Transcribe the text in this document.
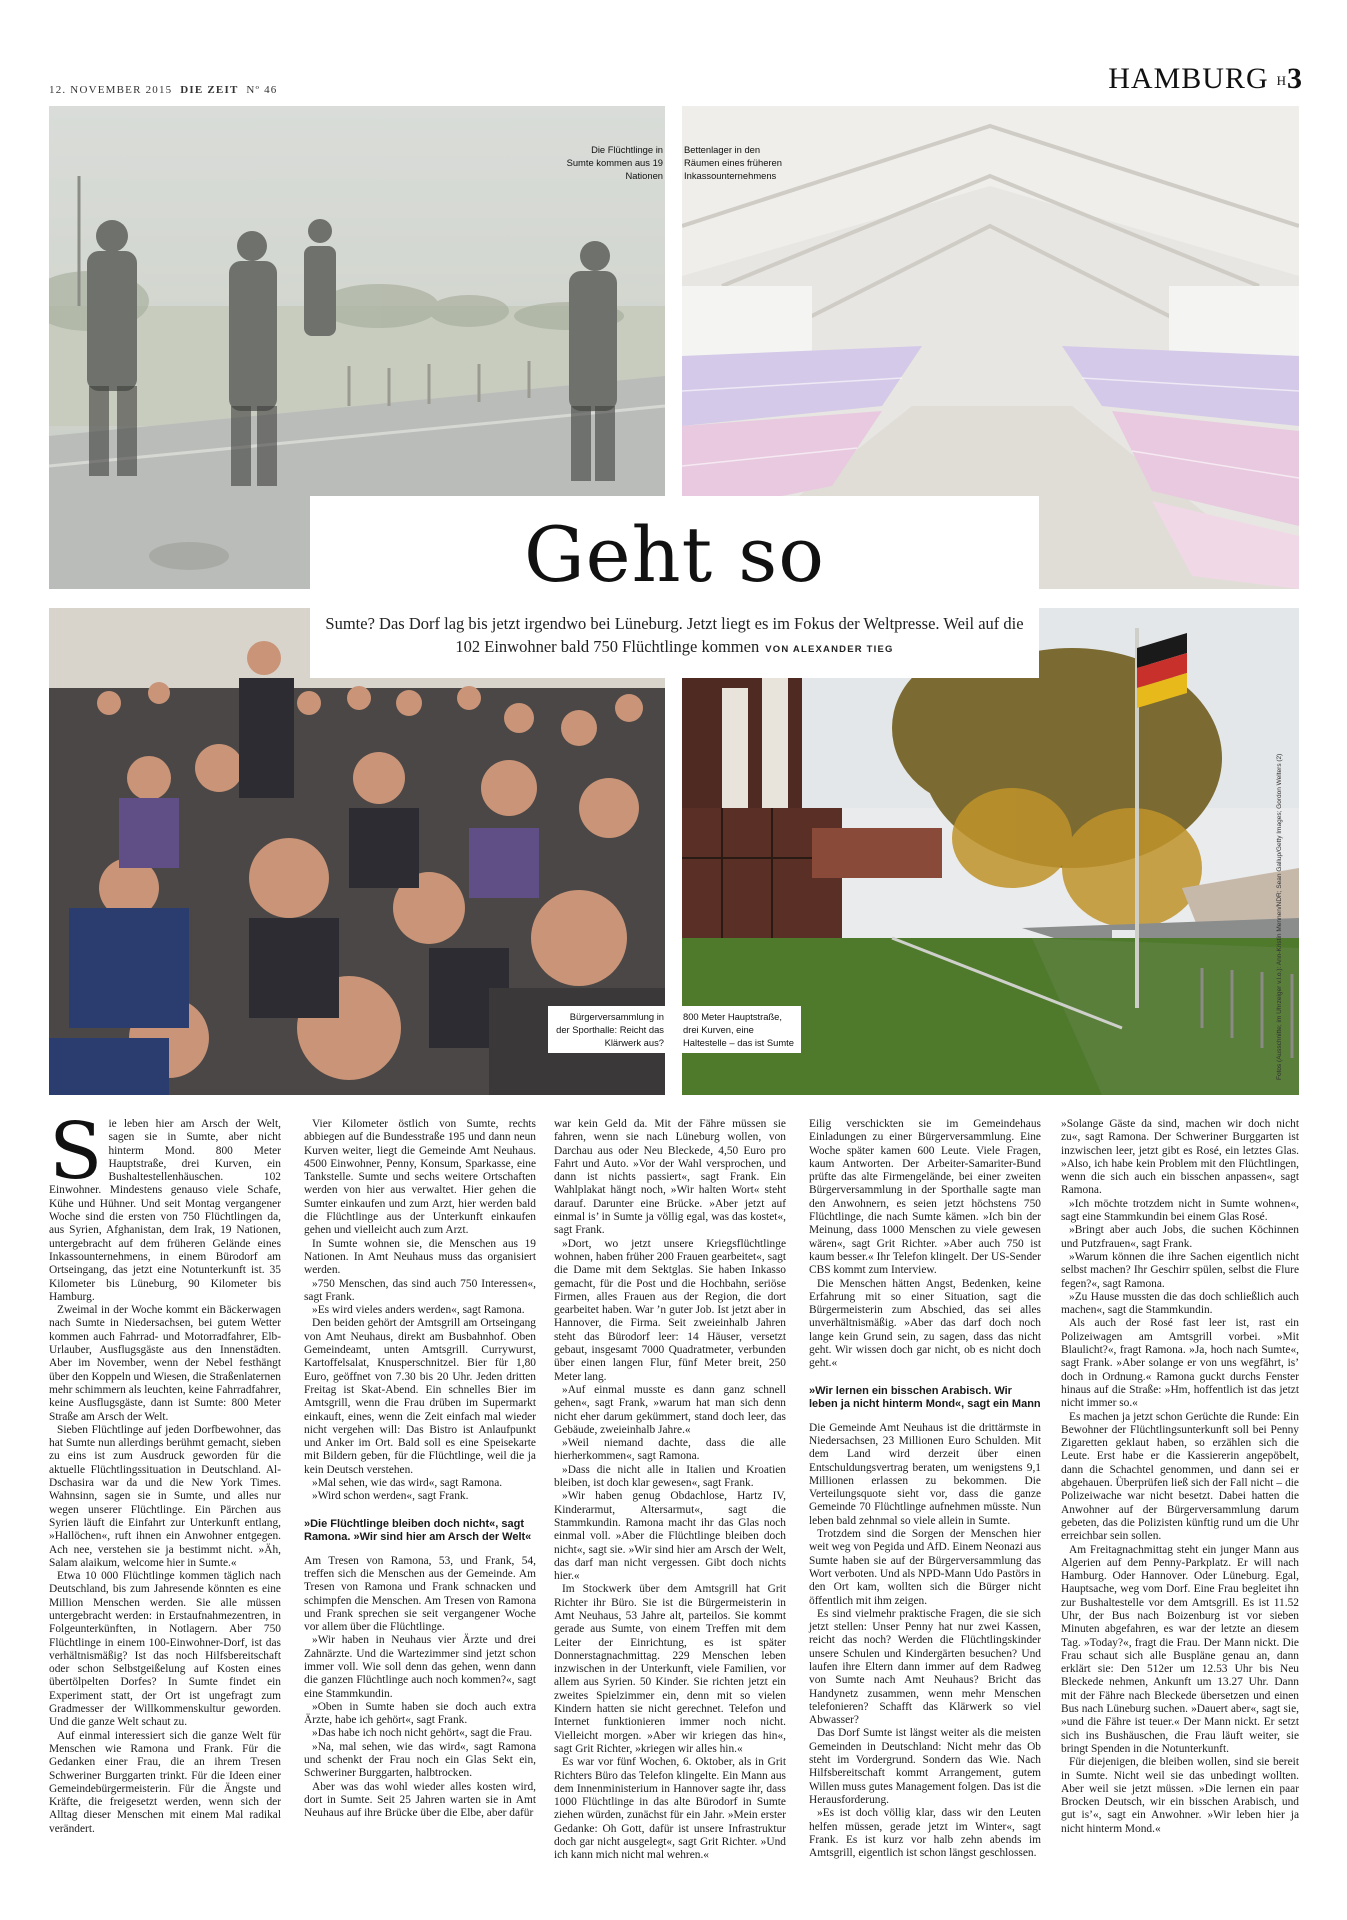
12. NOVEMBER 2015 DIE ZEIT Nº 46	HAMBURG H3
Die Flüchtlinge in Sumte kommen aus 19 Nationen
Bettenlager in den Räumen eines früheren Inkassounternehmens
Bürgerversammlung in der Sporthalle: Reicht das Klärwerk aus?
800 Meter Hauptstraße, drei Kurven, eine Haltestelle – das ist Sumte	Fotos (Ausschnitte; im Uhrzeiger v.l.o.): Ann-Kristin Mennen/NDR; Sean Gallup/Getty Images; Gordon Welters (2)
Geht so

Sumte? Das Dorf lag bis jetzt irgendwo bei Lüneburg. Jetzt liegt es im Fokus der Weltpresse. Weil auf die 102 Einwohner bald 750 Flüchtlinge kommen VON ALEXANDER TIEG

Sie leben hier am Arsch der Welt, sagen sie in Sumte, aber nicht hinterm Mond. 800 Meter Hauptstraße, drei Kurven, ein Bushaltestellenhäuschen. 102 Einwohner. Mindestens genauso viele Schafe, Kühe und Hühner. Und seit Montag vergangener Woche sind die ersten von 750 Flüchtlingen da, aus Syrien, Afghanistan, dem Irak, 19 Nationen, untergebracht auf dem früheren Gelände eines Inkassounternehmens, in einem Bürodorf am Ortseingang, das jetzt eine Notunterkunft ist. 35 Kilometer bis Lüneburg, 90 Kilometer bis Hamburg.

Zweimal in der Woche kommt ein Bäckerwagen nach Sumte in Niedersachsen, bei gutem Wetter kommen auch Fahrrad- und Motorradfahrer, Elb-Urlauber, Ausflugsgäste aus den Innenstädten. Aber im November, wenn der Nebel festhängt über den Koppeln und Wiesen, die Straßenlaternen mehr schimmern als leuchten, keine Fahrradfahrer, keine Ausflugsgäste, dann ist Sumte: 800 Meter Straße am Arsch der Welt.

Sieben Flüchtlinge auf jeden Dorfbewohner, das hat Sumte nun allerdings berühmt gemacht, sieben zu eins ist zum Ausdruck geworden für die aktuelle Flüchtlingssituation in Deutschland. Al-Dschasira war da und die New York Times. Wahnsinn, sagen sie in Sumte, und alles nur wegen unserer Flüchtlinge. Ein Pärchen aus Syrien läuft die Einfahrt zur Unterkunft entlang, »Hallöchen«, ruft ihnen ein Anwohner entgegen. Ach nee, verstehen sie ja bestimmt nicht. »Äh, Salam alaikum, welcome hier in Sumte.«

Etwa 10 000 Flüchtlinge kommen täglich nach Deutschland, bis zum Jahresende könnten es eine Million Menschen werden. Sie alle müssen untergebracht werden: in Erstaufnahmezentren, in Folgeunterkünften, in Notlagern. Aber 750 Flüchtlinge in einem 100-Einwohner-Dorf, ist das verhältnismäßig? Ist das noch Hilfsbereitschaft oder schon Selbstgeißelung auf Kosten eines übertölpelten Dorfes? In Sumte findet ein Experiment statt, der Ort ist ungefragt zum Gradmesser der Willkommenskultur geworden. Und die ganze Welt schaut zu.

Auf einmal interessiert sich die ganze Welt für Menschen wie Ramona und Frank. Für die Gedanken einer Frau, die an ihrem Tresen Schweriner Burggarten trinkt. Für die Ideen einer Gemeindebürgermeisterin. Für die Ängste und Kräfte, die freigesetzt werden, wenn sich der Alltag dieser Menschen mit einem Mal radikal verändert.

Vier Kilometer östlich von Sumte, rechts abbiegen auf die Bundesstraße 195 und dann neun Kurven weiter, liegt die Gemeinde Amt Neuhaus. 4500 Einwohner, Penny, Konsum, Sparkasse, eine Tankstelle. Sumte und sechs weitere Ortschaften werden von hier aus verwaltet. Hier gehen die Sumter einkaufen und zum Arzt, hier werden bald die Flüchtlinge aus der Unterkunft einkaufen gehen und vielleicht auch zum Arzt.

In Sumte wohnen sie, die Menschen aus 19 Nationen. In Amt Neuhaus muss das organisiert werden.

»750 Menschen, das sind auch 750 Interessen«, sagt Frank.

»Es wird vieles anders werden«, sagt Ramona.

Den beiden gehört der Amtsgrill am Ortseingang von Amt Neuhaus, direkt am Busbahnhof. Oben Gemeindeamt, unten Amtsgrill. Currywurst, Kartoffelsalat, Knusperschnitzel. Bier für 1,80 Euro, geöffnet von 7.30 bis 20 Uhr. Jeden dritten Freitag ist Skat-Abend. Ein schnelles Bier im Amtsgrill, wenn die Frau drüben im Supermarkt einkauft, eines, wenn die Zeit einfach mal wieder nicht vergehen will: Das Bistro ist Anlaufpunkt und Anker im Ort. Bald soll es eine Speisekarte mit Bildern geben, für die Flüchtlinge, weil die ja kein Deutsch verstehen.

»Mal sehen, wie das wird«, sagt Ramona.

»Wird schon werden«, sagt Frank.

»Die Flüchtlinge bleiben doch nicht«, sagt Ramona. »Wir sind hier am Arsch der Welt«

Am Tresen von Ramona, 53, und Frank, 54, treffen sich die Menschen aus der Gemeinde. Am Tresen von Ramona und Frank schnacken und schimpfen die Menschen. Am Tresen von Ramona und Frank sprechen sie seit vergangener Woche vor allem über die Flüchtlinge.

»Wir haben in Neuhaus vier Ärzte und drei Zahnärzte. Und die Wartezimmer sind jetzt schon immer voll. Wie soll denn das gehen, wenn dann die ganzen Flüchtlinge auch noch kommen?«, sagt eine Stammkundin.

»Oben in Sumte haben sie doch auch extra Ärzte, habe ich gehört«, sagt Frank.

»Das habe ich noch nicht gehört«, sagt die Frau.

»Na, mal sehen, wie das wird«, sagt Ramona und schenkt der Frau noch ein Glas Sekt ein, Schweriner Burggarten, halbtrocken.

Aber was das wohl wieder alles kosten wird, dort in Sumte. Seit 25 Jahren warten sie in Amt Neuhaus auf ihre Brücke über die Elbe, aber dafür

war kein Geld da. Mit der Fähre müssen sie fahren, wenn sie nach Lüneburg wollen, von Darchau aus oder Neu Bleckede, 4,50 Euro pro Fahrt und Auto. »Vor der Wahl versprochen, und dann ist nichts passiert«, sagt Frank. Ein Wahlplakat hängt noch, »Wir halten Wort« steht darauf. Darunter eine Brücke. »Aber jetzt auf einmal is’ in Sumte ja völlig egal, was das kostet«, sagt Frank.

»Dort, wo jetzt unsere Kriegsflüchtlinge wohnen, haben früher 200 Frauen gearbeitet«, sagt die Dame mit dem Sektglas. Sie haben Inkasso gemacht, für die Post und die Hochbahn, seriöse Firmen, alles Frauen aus der Region, die dort gearbeitet haben. War ’n guter Job. Ist jetzt aber in Hannover, die Firma. Seit zweieinhalb Jahren steht das Bürodorf leer: 14 Häuser, versetzt gebaut, insgesamt 7000 Quadratmeter, verbunden über einen langen Flur, fünf Meter breit, 250 Meter lang.

»Auf einmal musste es dann ganz schnell gehen«, sagt Frank, »warum hat man sich denn nicht eher darum gekümmert, stand doch leer, das Gebäude, zweieinhalb Jahre.«

»Weil niemand dachte, dass die alle hierherkommen«, sagt Ramona.

»Dass die nicht alle in Italien und Kroatien bleiben, ist doch klar gewesen«, sagt Frank.

»Wir haben genug Obdachlose, Hartz IV, Kinderarmut, Altersarmut«, sagt die Stammkundin. Ramona macht ihr das Glas noch einmal voll. »Aber die Flüchtlinge bleiben doch nicht«, sagt sie. »Wir sind hier am Arsch der Welt, das darf man nicht vergessen. Gibt doch nichts hier.«

Im Stockwerk über dem Amtsgrill hat Grit Richter ihr Büro. Sie ist die Bürgermeisterin in Amt Neuhaus, 53 Jahre alt, parteilos. Sie kommt gerade aus Sumte, von einem Treffen mit dem Leiter der Einrichtung, es ist später Donnerstagnachmittag. 229 Menschen leben inzwischen in der Unterkunft, viele Familien, vor allem aus Syrien. 50 Kinder. Sie richten jetzt ein zweites Spielzimmer ein, denn mit so vielen Kindern hatten sie nicht gerechnet. Telefon und Internet funktionieren immer noch nicht. Vielleicht morgen. »Aber wir kriegen das hin«, sagt Grit Richter, »kriegen wir alles hin.«

Es war vor fünf Wochen, 6. Oktober, als in Grit Richters Büro das Telefon klingelte. Ein Mann aus dem Innenministerium in Hannover sagte ihr, dass 1000 Flüchtlinge in das alte Bürodorf in Sumte ziehen würden, zunächst für ein Jahr. »Mein erster Gedanke: Oh Gott, dafür ist unsere Infrastruktur doch gar nicht ausgelegt«, sagt Grit Richter. »Und ich kann mich nicht mal wehren.«

Eilig verschickten sie im Gemeindehaus Einladungen zu einer Bürgerversammlung. Eine Woche später kamen 600 Leute. Viele Fragen, kaum Antworten. Der Arbeiter-Samariter-Bund prüfte das alte Firmengelände, bei einer zweiten Bürgerversammlung in der Sporthalle sagte man den Anwohnern, es seien jetzt höchstens 750 Flüchtlinge, die nach Sumte kämen. »Ich bin der Meinung, dass 1000 Menschen zu viele gewesen wären«, sagt Grit Richter. »Aber auch 750 ist kaum besser.« Ihr Telefon klingelt. Der US-Sender CBS kommt zum Interview.

Die Menschen hätten Angst, Bedenken, keine Erfahrung mit so einer Situation, sagt die Bürgermeisterin zum Abschied, das sei alles unverhältnismäßig. »Aber das darf doch noch lange kein Grund sein, zu sagen, dass das nicht geht. Wir wissen doch gar nicht, ob es nicht doch geht.«

»Wir lernen ein bisschen Arabisch. Wir leben ja nicht hinterm Mond«, sagt ein Mann

Die Gemeinde Amt Neuhaus ist die drittärmste in Niedersachsen, 23 Millionen Euro Schulden. Mit dem Land wird derzeit über einen Entschuldungsvertrag beraten, um wenigstens 9,1 Millionen erlassen zu bekommen. Die Verteilungsquote sieht vor, dass die ganze Gemeinde 70 Flüchtlinge aufnehmen müsste. Nun leben bald zehnmal so viele allein in Sumte.

Trotzdem sind die Sorgen der Menschen hier weit weg von Pegida und AfD. Einem Neonazi aus Sumte haben sie auf der Bürgerversammlung das Wort verboten. Und als NPD-Mann Udo Pastörs in den Ort kam, wollten sich die Bürger nicht öffentlich mit ihm zeigen.

Es sind vielmehr praktische Fragen, die sie sich jetzt stellen: Unser Penny hat nur zwei Kassen, reicht das noch? Werden die Flüchtlingskinder unsere Schulen und Kindergärten besuchen? Und laufen ihre Eltern dann immer auf dem Radweg von Sumte nach Amt Neuhaus? Bricht das Handynetz zusammen, wenn mehr Menschen telefonieren? Schafft das Klärwerk so viel Abwasser?

Das Dorf Sumte ist längst weiter als die meisten Gemeinden in Deutschland: Nicht mehr das Ob steht im Vordergrund. Sondern das Wie. Nach Hilfsbereitschaft kommt Arrangement, gutem Willen muss gutes Management folgen. Das ist die Herausforderung.

»Es ist doch völlig klar, dass wir den Leuten helfen müssen, gerade jetzt im Winter«, sagt Frank. Es ist kurz vor halb zehn abends im Amtsgrill, eigentlich ist schon längst geschlossen.

»Solange Gäste da sind, machen wir doch nicht zu«, sagt Ramona. Der Schweriner Burggarten ist inzwischen leer, jetzt gibt es Rosé, ein letztes Glas. »Also, ich habe kein Problem mit den Flüchtlingen, wenn die sich auch ein bisschen anpassen«, sagt Ramona.

»Ich möchte trotzdem nicht in Sumte wohnen«, sagt eine Stammkundin bei einem Glas Rosé.

»Bringt aber auch Jobs, die suchen Köchinnen und Putzfrauen«, sagt Frank.

»Warum können die ihre Sachen eigentlich nicht selbst machen? Ihr Geschirr spülen, selbst die Flure fegen?«, sagt Ramona.

»Zu Hause mussten die das doch schließlich auch machen«, sagt die Stammkundin.

Als auch der Rosé fast leer ist, rast ein Polizeiwagen am Amtsgrill vorbei. »Mit Blaulicht?«, fragt Ramona. »Ja, hoch nach Sumte«, sagt Frank. »Aber solange er von uns wegfährt, is’ doch in Ordnung.« Ramona guckt durchs Fenster hinaus auf die Straße: »Hm, hoffentlich ist das jetzt nicht immer so.«

Es machen ja jetzt schon Gerüchte die Runde: Ein Bewohner der Flüchtlingsunterkunft soll bei Penny Zigaretten geklaut haben, so erzählen sich die Leute. Erst habe er die Kassiererin angepöbelt, dann die Schachtel genommen, und dann sei er abgehauen. Überprüfen ließ sich der Fall nicht – die Polizeiwache war nicht besetzt. Dabei hatten die Anwohner auf der Bürgerversammlung darum gebeten, das die Polizisten künftig rund um die Uhr erreichbar sein sollen.

Am Freitagnachmittag steht ein junger Mann aus Algerien auf dem Penny-Parkplatz. Er will nach Hamburg. Oder Hannover. Oder Lüneburg. Egal, Hauptsache, weg vom Dorf. Eine Frau begleitet ihn zur Bushaltestelle vor dem Amtsgrill. Es ist 11.52 Uhr, der Bus nach Boizenburg ist vor sieben Minuten abgefahren, es war der letzte an diesem Tag. »Today?«, fragt die Frau. Der Mann nickt. Die Frau schaut sich alle Buspläne genau an, dann erklärt sie: Den 512er um 12.53 Uhr bis Neu Bleckede nehmen, Ankunft um 13.27 Uhr. Dann mit der Fähre nach Bleckede übersetzen und einen Bus nach Lüneburg suchen. »Dauert aber«, sagt sie, »und die Fähre ist teuer.« Der Mann nickt. Er setzt sich ins Bushäuschen, die Frau läuft weiter, sie bringt Spenden in die Notunterkunft.

Für diejenigen, die bleiben wollen, sind sie bereit in Sumte. Nicht weil sie das unbedingt wollten. Aber weil sie jetzt müssen. »Die lernen ein paar Brocken Deutsch, wir ein bisschen Arabisch, und gut is’«, sagt ein Anwohner. »Wir leben hier ja nicht hinterm Mond.«
